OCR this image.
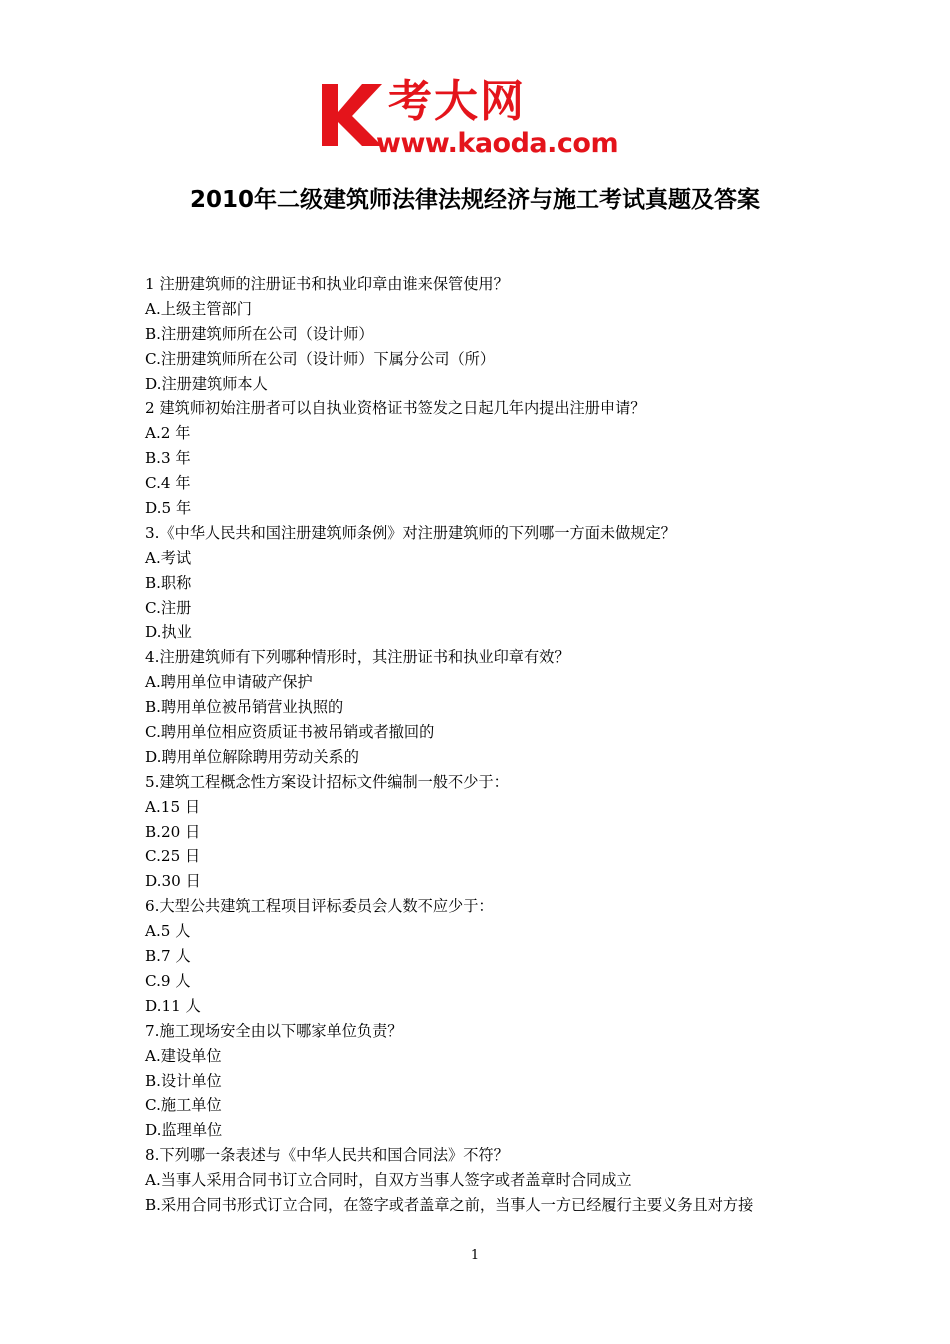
考大网
www.kaoda.com
2010年二级建筑师法律法规经济与施工考试真题及答案
1 注册建筑师的注册证书和执业印章由谁来保管使用？
A.上级主管部门
B.注册建筑师所在公司（设计师）
C.注册建筑师所在公司（设计师）下属分公司（所）
D.注册建筑师本人
2 建筑师初始注册者可以自执业资格证书签发之日起几年内提出注册申请？
A.2 年
B.3 年
C.4 年
D.5 年
3.《中华人民共和国注册建筑师条例》对注册建筑师的下列哪一方面未做规定？
A.考试
B.职称
C.注册
D.执业
4.注册建筑师有下列哪种情形时，其注册证书和执业印章有效？
A.聘用单位申请破产保护
B.聘用单位被吊销营业执照的
C.聘用单位相应资质证书被吊销或者撤回的
D.聘用单位解除聘用劳动关系的
5.建筑工程概念性方案设计招标文件编制一般不少于：
A.15 日
B.20 日
C.25 日
D.30 日
6.大型公共建筑工程项目评标委员会人数不应少于：
A.5 人
B.7 人
C.9 人
D.11 人
7.施工现场安全由以下哪家单位负责？
A.建设单位
B.设计单位
C.施工单位
D.监理单位
8.下列哪一条表述与《中华人民共和国合同法》不符？
A.当事人采用合同书订立合同时，自双方当事人签字或者盖章时合同成立
B.采用合同书形式订立合同，在签字或者盖章之前，当事人一方已经履行主要义务且对方接
1
